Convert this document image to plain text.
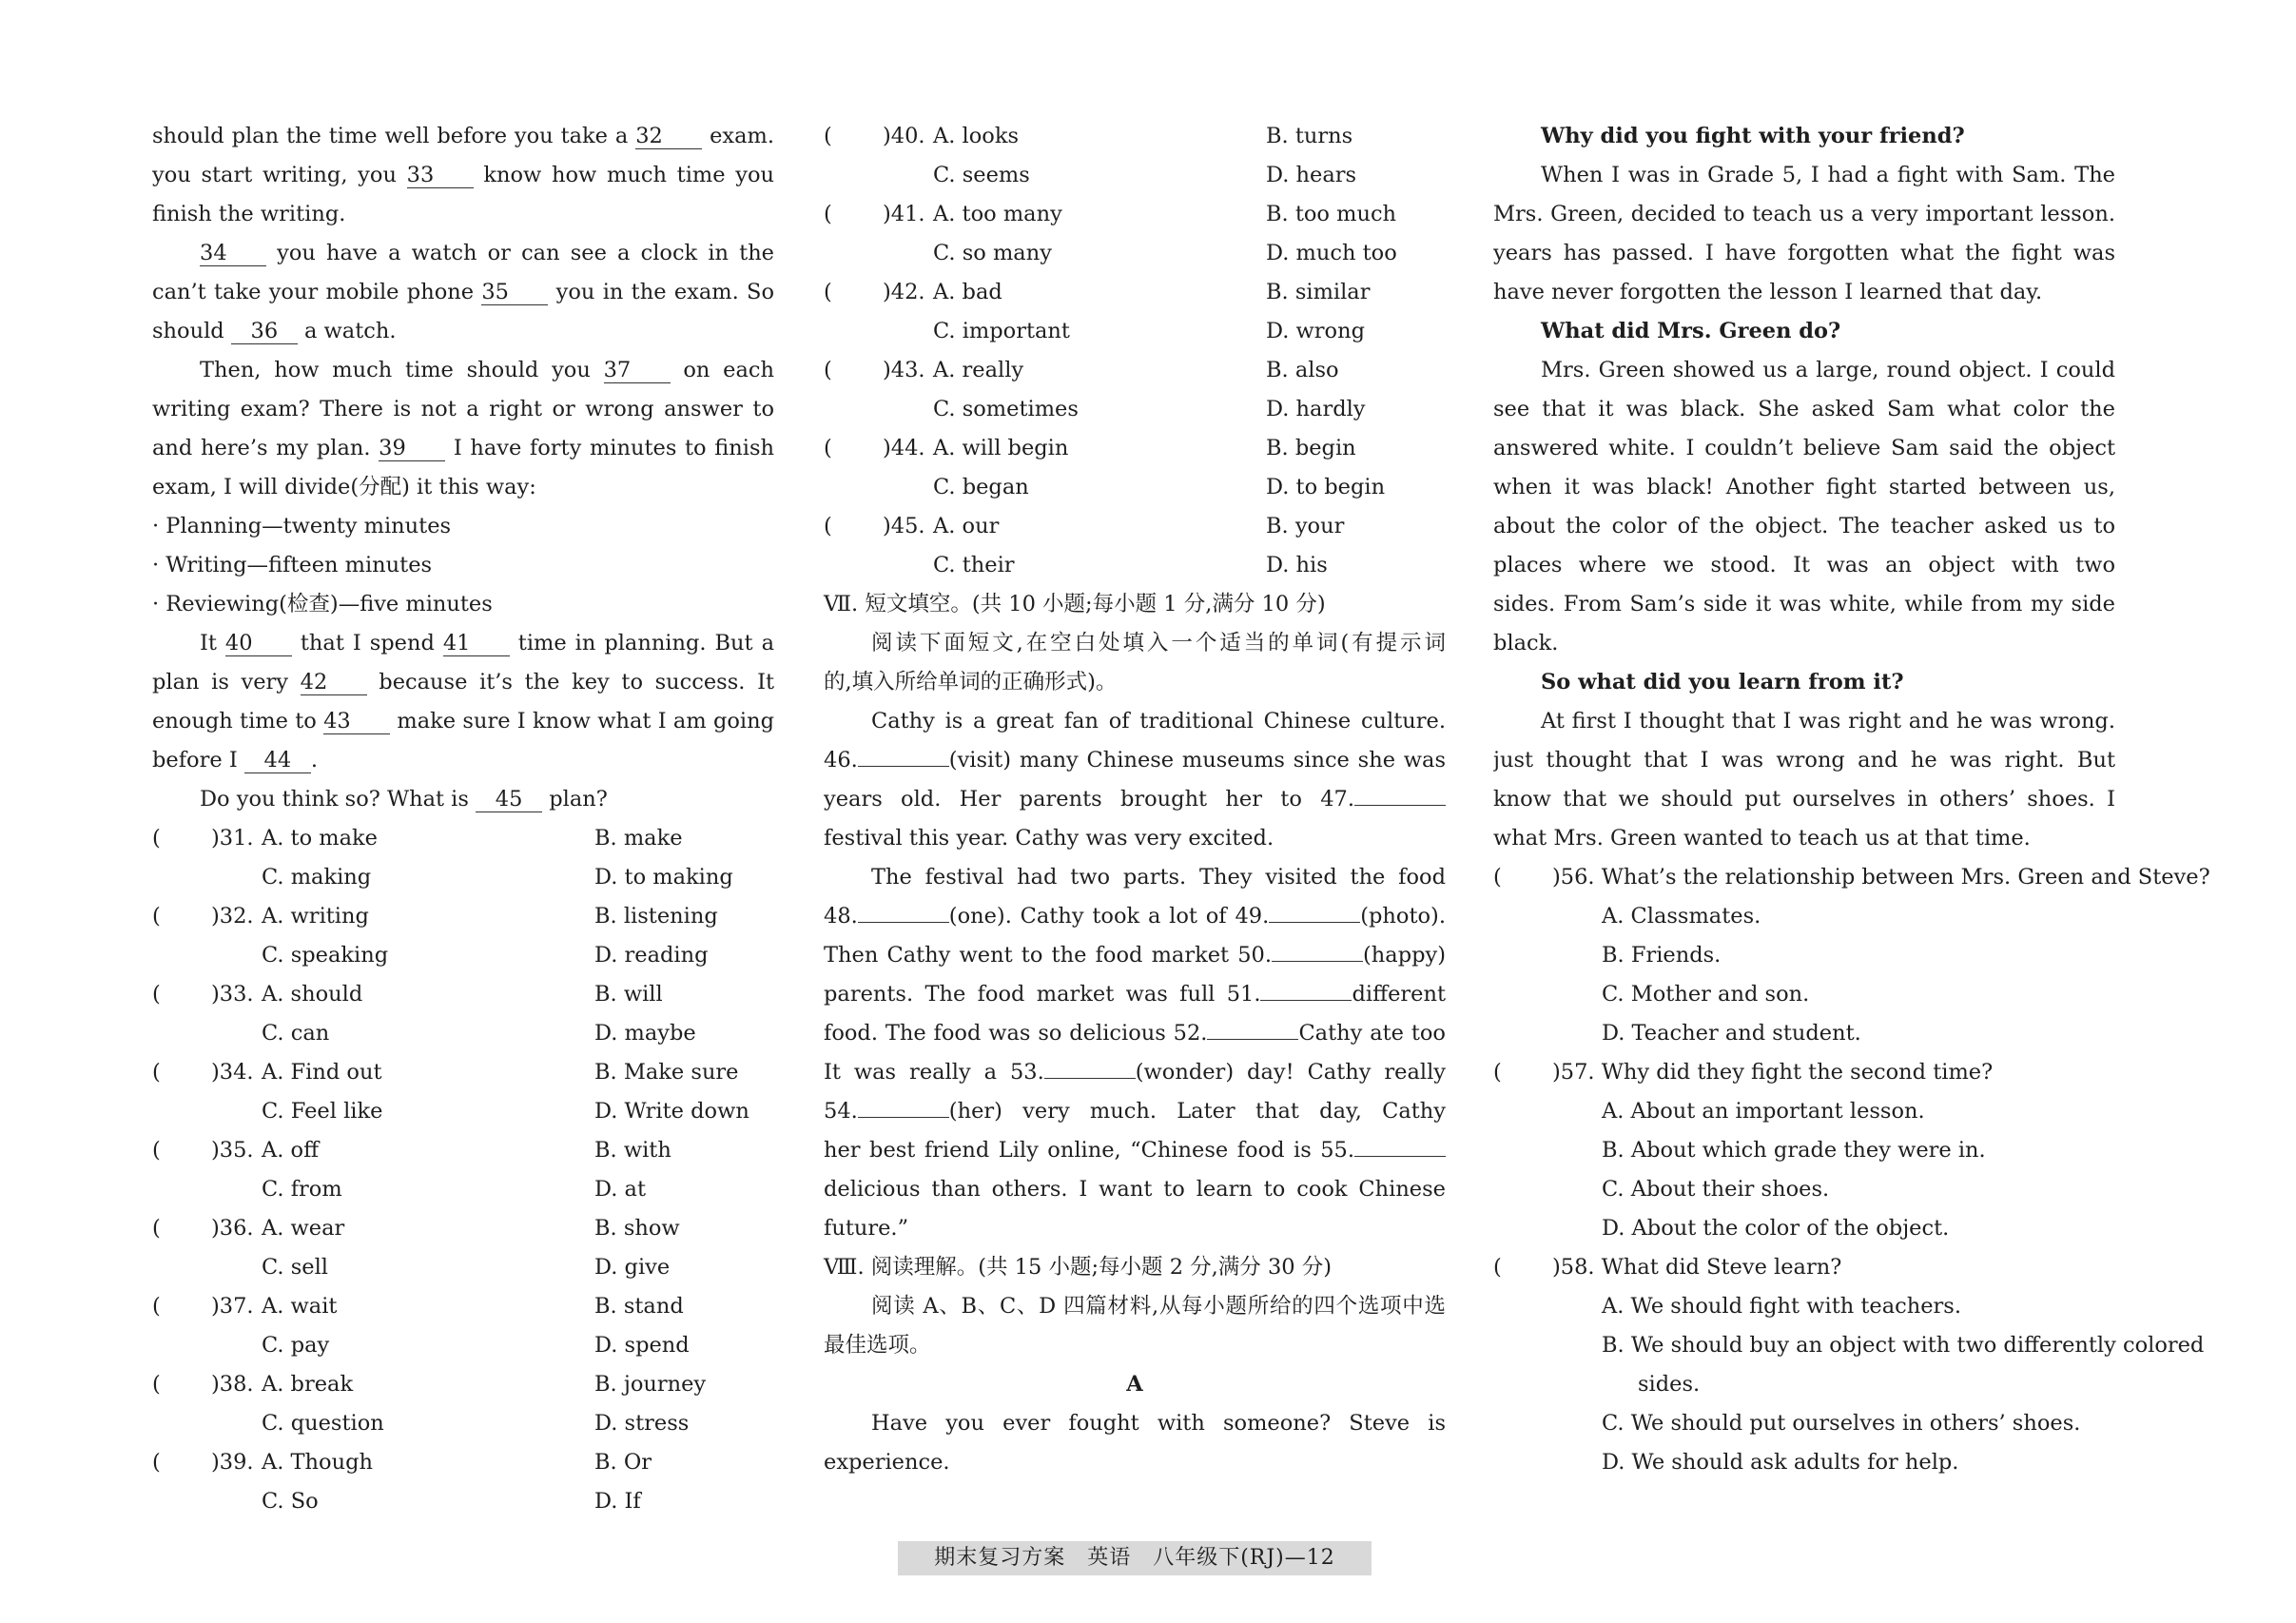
should plan the time well before you take a 32 exam.
you start writing, you 33 know how much time you
finish the writing.
34 you have a watch or can see a clock in the
can’t take your mobile phone 35 you in the exam. So
should 36 a watch.
Then, how much time should you 37 on each
writing exam? There is not a right or wrong answer to
and here’s my plan. 39 I have forty minutes to finish
exam, I will divide(分配) it this way:
· Planning—twenty minutes
· Writing—fifteen minutes
· Reviewing(检查)—five minutes
It 40 that I spend 41 time in planning. But a
plan is very 42 because it’s the key to success. It
enough time to 43 make sure I know what I am going
before I 44 .
Do you think so? What is 45 plan?
( )31. A. to make	B. make
C. making	D. to making
( )32. A. writing	B. listening
C. speaking	D. reading
( )33. A. should	B. will
C. can	D. maybe
( )34. A. Find out	B. Make sure
C. Feel like	D. Write down
( )35. A. off	B. with
C. from	D. at
( )36. A. wear	B. show
C. sell	D. give
( )37. A. wait	B. stand
C. pay	D. spend
( )38. A. break	B. journey
C. question	D. stress
( )39. A. Though	B. Or
C. So	D. If
( )40. A. looks	B. turns
C. seems	D. hears
( )41. A. too many	B. too much
C. so many	D. much too
( )42. A. bad	B. similar
C. important	D. wrong
( )43. A. really	B. also
C. sometimes	D. hardly
( )44. A. will begin	B. begin
C. began	D. to begin
( )45. A. our	B. your
C. their	D. his
Ⅶ. 短文填空。(共 10 小题;每小题 1 分,满分 10 分)
阅读下面短文,在空白处填入一个适当的单词(有提示词
的,填入所给单词的正确形式)。
Cathy is a great fan of traditional Chinese culture.
46.	(visit) many Chinese museums since she was
years old. Her parents brought her to 47.
festival this year. Cathy was very excited.
The festival had two parts. They visited the food
48.	(one). Cathy took a lot of 49.	(photo).
Then Cathy went to the food market 50.	(happy)
parents. The food market was full 51.	different
food. The food was so delicious 52.	Cathy ate too
It was really a 53.	(wonder) day! Cathy really
54.	(her) very much. Later that day, Cathy
her best friend Lily online, “Chinese food is 55.
delicious than others. I want to learn to cook Chinese
future.”
Ⅷ. 阅读理解。(共 15 小题;每小题 2 分,满分 30 分)
阅读 A、B、C、D 四篇材料,从每小题所给的四个选项中选
最佳选项。
A
Have you ever fought with someone? Steve is
experience.
Why did you fight with your friend?
When I was in Grade 5, I had a fight with Sam. The
Mrs. Green, decided to teach us a very important lesson.
years has passed. I have forgotten what the fight was
have never forgotten the lesson I learned that day.
What did Mrs. Green do?
Mrs. Green showed us a large, round object. I could
see that it was black. She asked Sam what color the
answered white. I couldn’t believe Sam said the object
when it was black! Another fight started between us,
about the color of the object. The teacher asked us to
places where we stood. It was an object with two
sides. From Sam’s side it was white, while from my side
black.
So what did you learn from it?
At first I thought that I was right and he was wrong.
just thought that I was wrong and he was right. But
know that we should put ourselves in others’ shoes. I
what Mrs. Green wanted to teach us at that time.
( )56. What’s the relationship between Mrs. Green and Steve?
A. Classmates.
B. Friends.
C. Mother and son.
D. Teacher and student.
( )57. Why did they fight the second time?
A. About an important lesson.
B. About which grade they were in.
C. About their shoes.
D. About the color of the object.
( )58. What did Steve learn?
A. We should fight with teachers.
B. We should buy an object with two differently colored
sides.
C. We should put ourselves in others’ shoes.
D. We should ask adults for help.
期末复习方案　英语　八年级下(RJ)—12
